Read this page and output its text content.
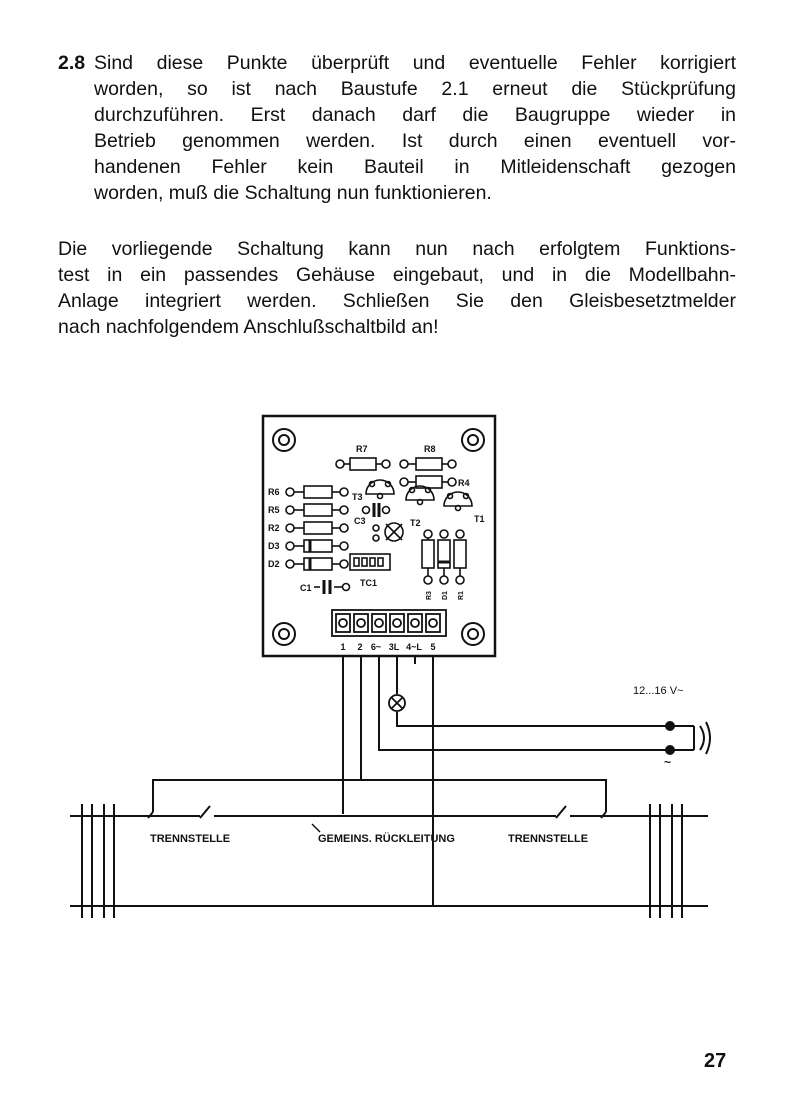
2.8 Sind diese Punkte überprüft und eventuelle Fehler korrigiert
worden, so ist nach Baustufe 2.1 erneut die Stückprüfung
durchzuführen. Erst danach darf die Baugruppe wieder in
Betrieb genommen werden. Ist durch einen eventuell vor-
handenen Fehler kein Bauteil in Mitleidenschaft gezogen
worden, muß die Schaltung nun funktionieren.
Die vorliegende Schaltung kann nun nach erfolgtem Funktions-
test in ein passendes Gehäuse eingebaut, und in die Modellbahn-
Anlage integriert werden. Schließen Sie den Gleisbesetztmelder
nach nachfolgendem Anschlußschaltbild an!
R7	R8
R4
T3
T2	T1
R6
R5
R2
D3
D2
C3
C1	TC1
R3 D1 R1
1 2 6~ 3L 4~L 5
12...16 V~
~
TRENNSTELLE	GEMEINS. RÜCKLEITUNG	TRENNSTELLE
27
